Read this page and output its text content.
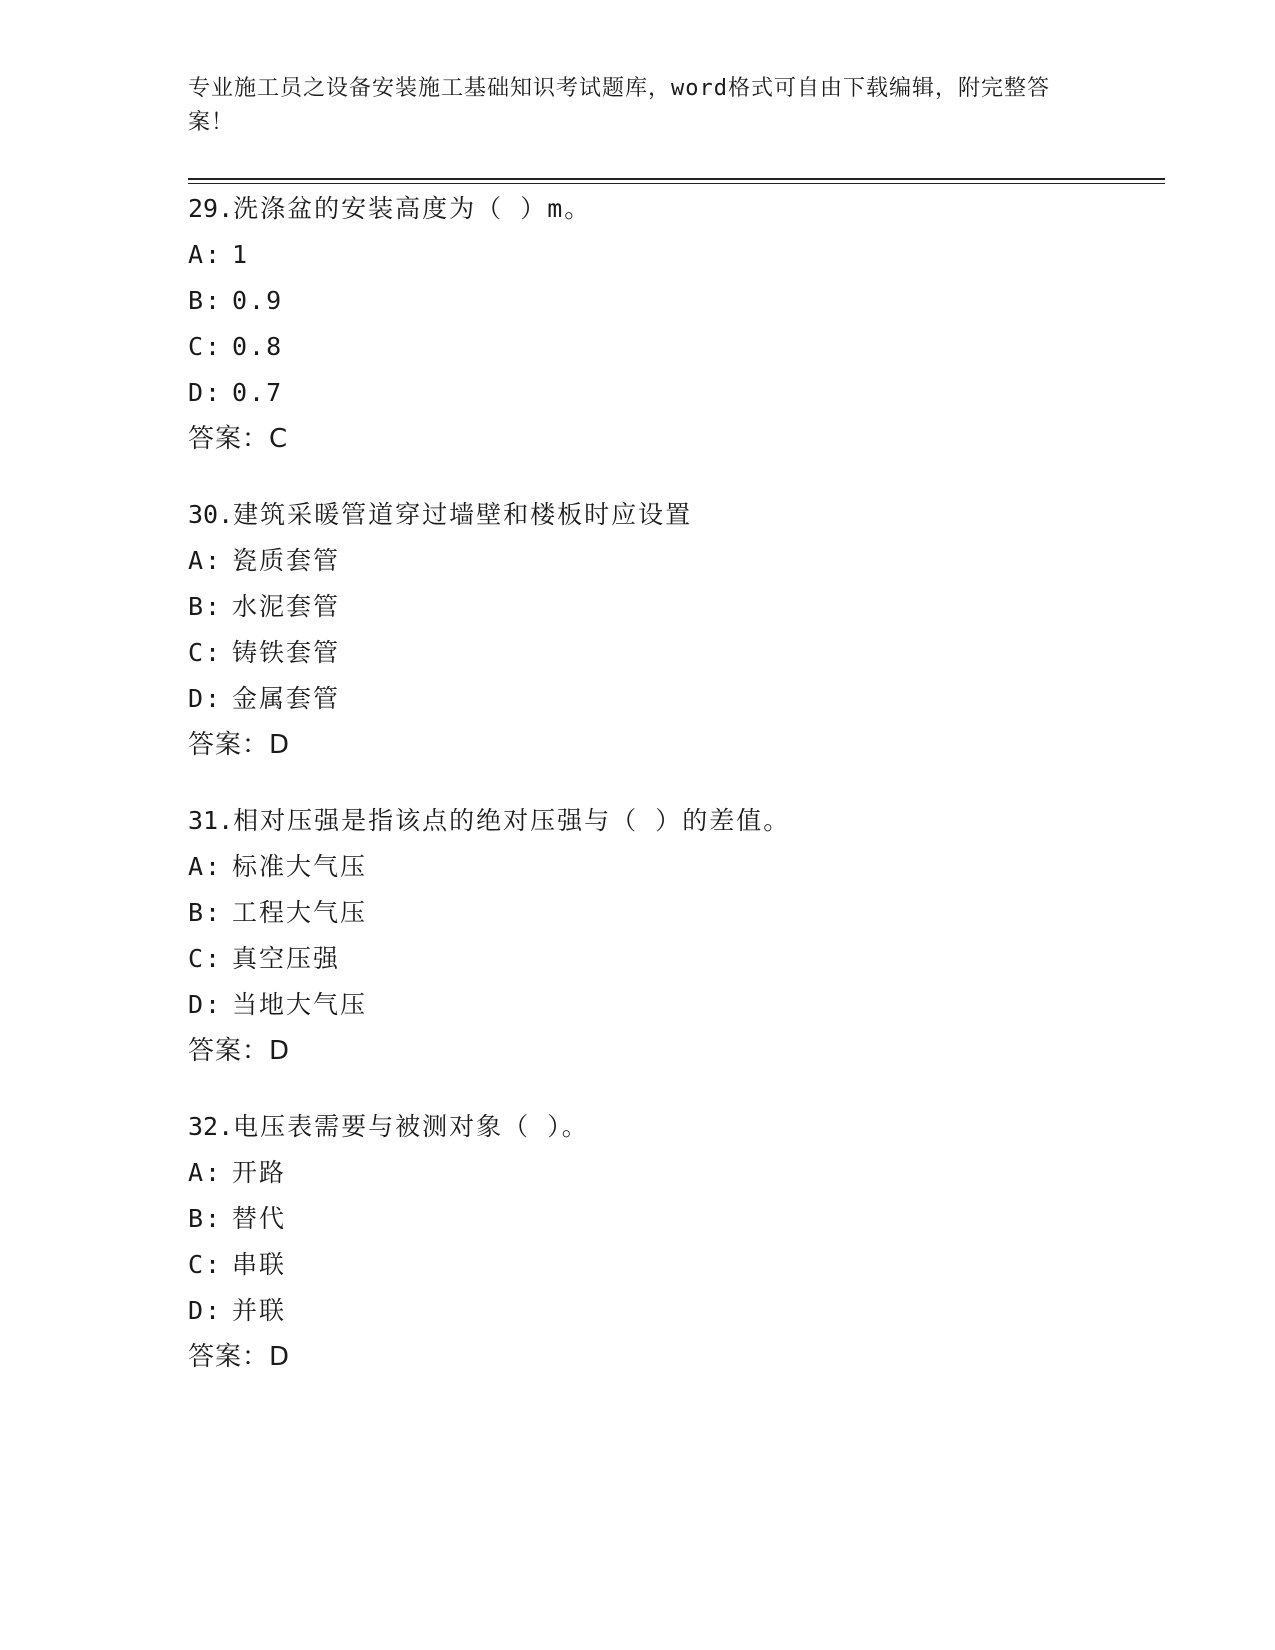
专业施工员之设备安装施工基础知识考试题库，word格式可自由下载编辑，附完整答案！
29.洗涤盆的安装高度为（ ）m。
A: 1
B: 0.9
C: 0.8
D: 0.7
答案：C
30.建筑采暖管道穿过墙壁和楼板时应设置
A: 瓷质套管
B: 水泥套管
C: 铸铁套管
D: 金属套管
答案：D
31.相对压强是指该点的绝对压强与（ ）的差值。
A: 标准大气压
B: 工程大气压
C: 真空压强
D: 当地大气压
答案：D
32.电压表需要与被测对象（ ）。
A: 开路
B: 替代
C: 串联
D: 并联
答案：D
